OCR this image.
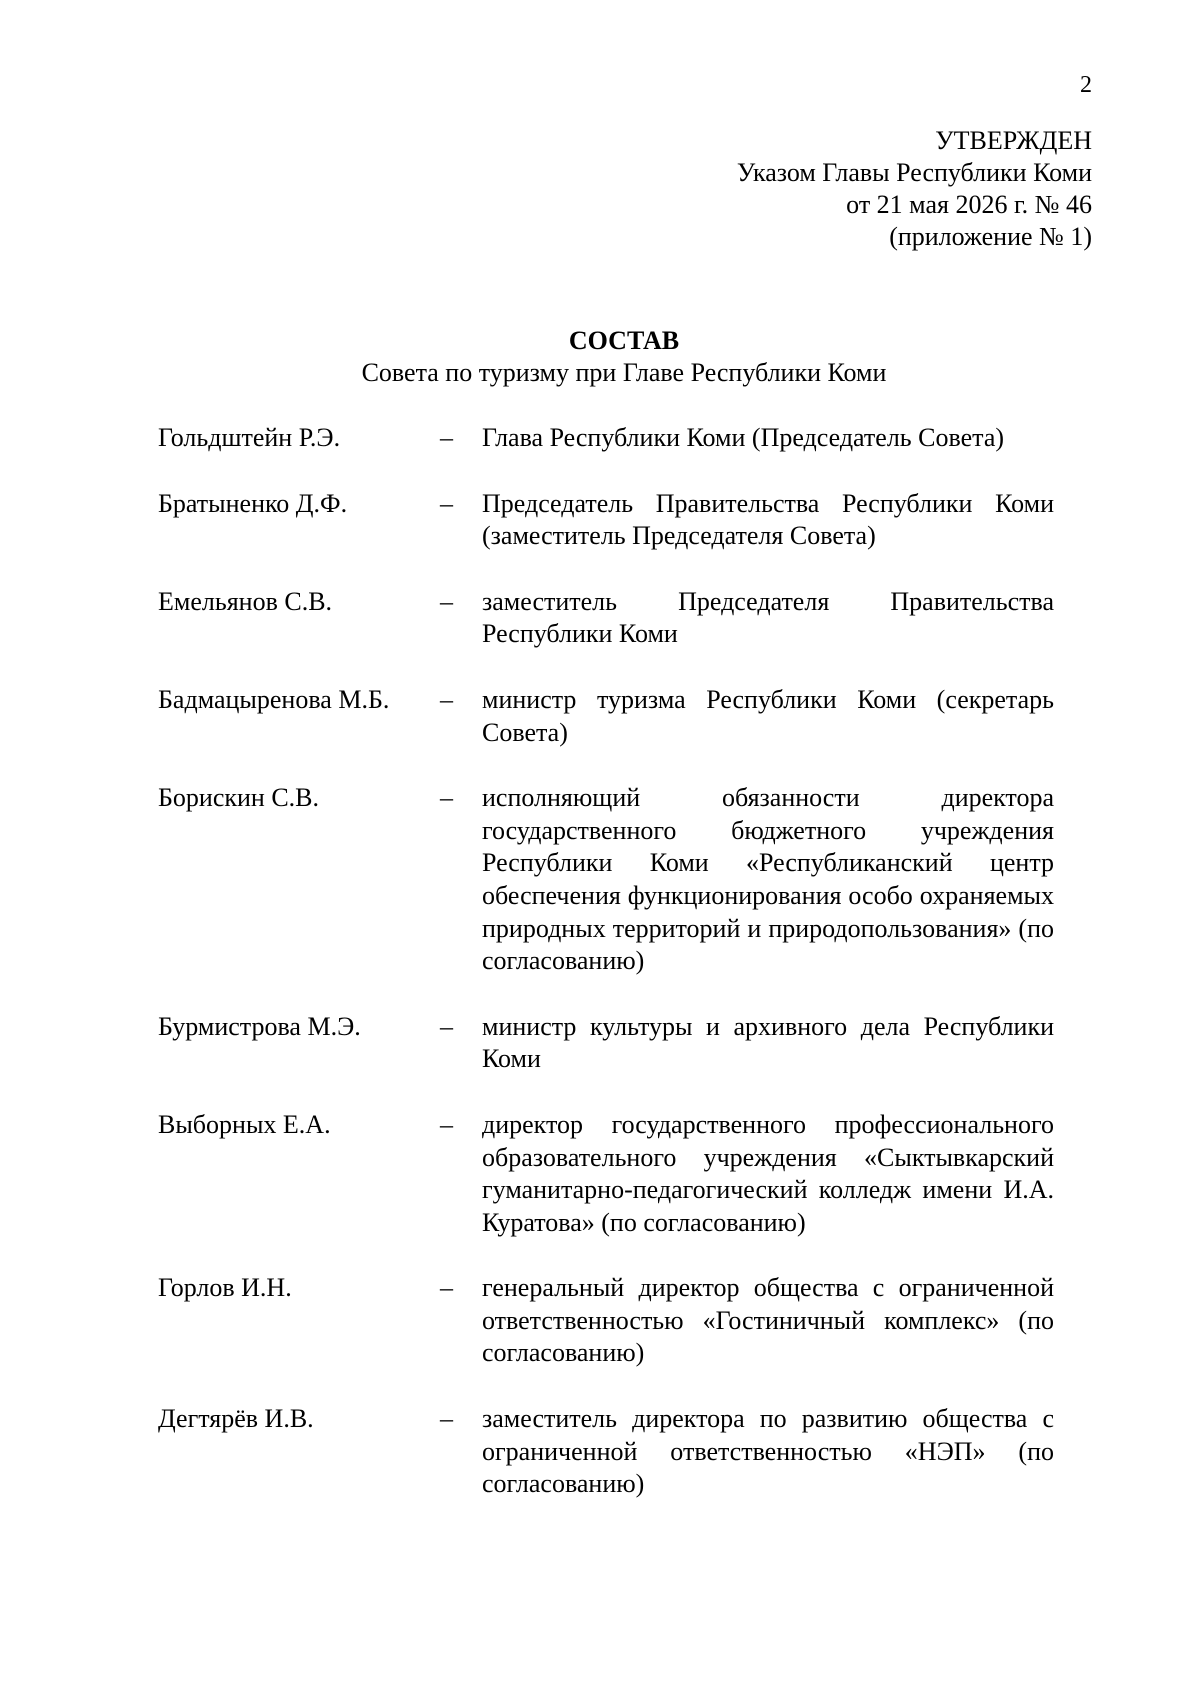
2
УТВЕРЖДЕН
Указом Главы Республики Коми
от 21 мая 2026 г. № 46
(приложение № 1)
СОСТАВ
Совета по туризму при Главе Республики Коми
Гольдштейн Р.Э.	–	Глава Республики Коми (Председатель Совета)
Братыненко Д.Ф.	–	Председатель Правительства Республики Коми (заместитель Председателя Совета)
Емельянов С.В.	–	заместитель Председателя Правительства Республики Коми
Бадмацыренова М.Б.	–	министр туризма Республики Коми (секретарь Совета)
Борискин С.В.	–	исполняющий обязанности директора государственного бюджетного учреждения Республики Коми «Республиканский центр обеспечения функционирования особо охраняемых природных территорий и природопользования» (по согласованию)
Бурмистрова М.Э.	–	министр культуры и архивного дела Республики Коми
Выборных Е.А.	–	директор государственного профессионального образовательного учреждения «Сыктывкарский гуманитарно-педагогический колледж имени И.А. Куратова» (по согласованию)
Горлов И.Н.	–	генеральный директор общества с ограниченной ответственностью «Гостиничный комплекс» (по согласованию)
Дегтярёв И.В.	–	заместитель директора по развитию общества с ограниченной ответственностью «НЭП» (по согласованию)
